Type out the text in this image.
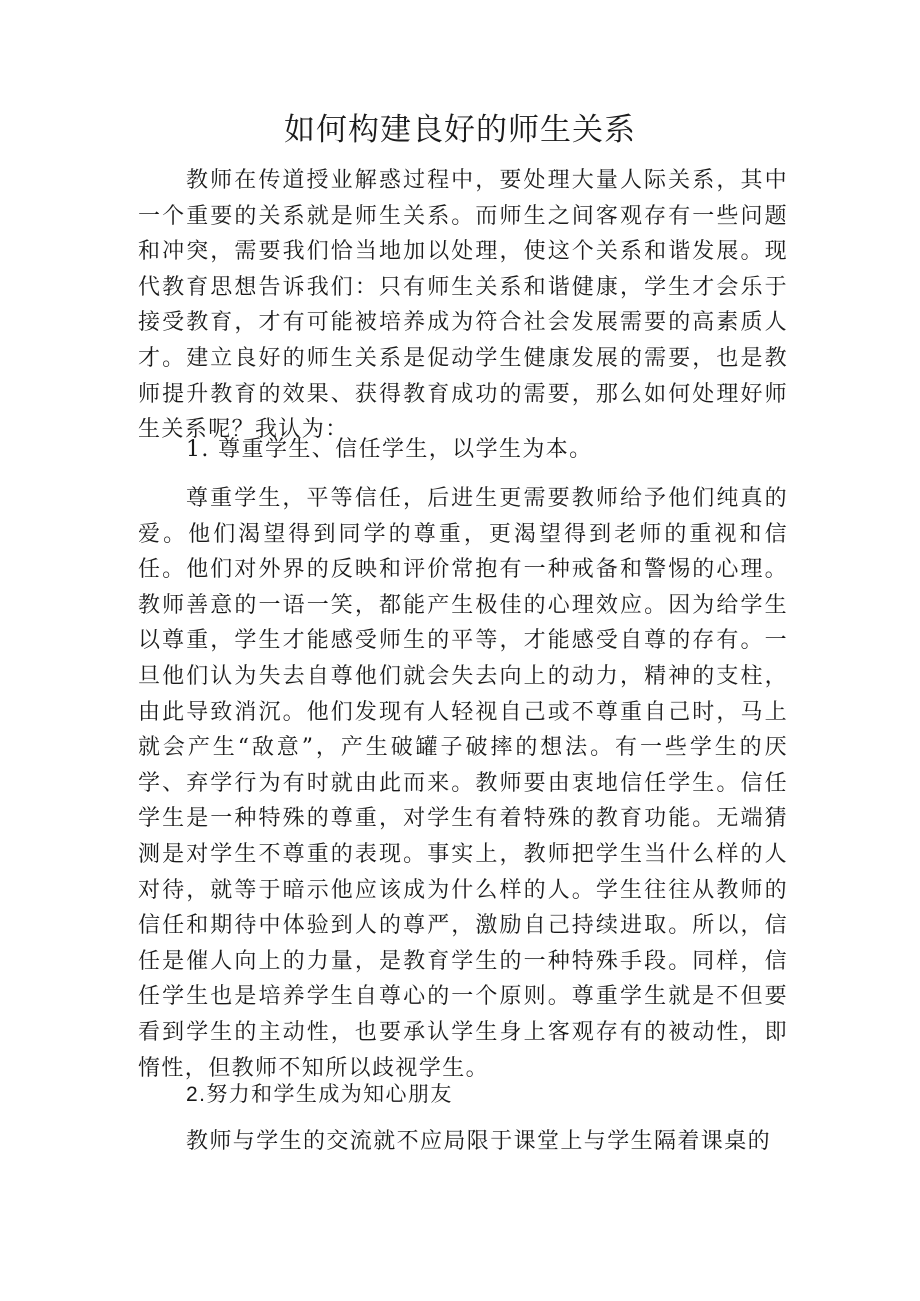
如何构建良好的师生关系

教师在传道授业解惑过程中，要处理大量人际关系，其中一个重要的关系就是师生关系。而师生之间客观存有一些问题和冲突，需要我们恰当地加以处理，使这个关系和谐发展。现代教育思想告诉我们：只有师生关系和谐健康，学生才会乐于接受教育，才有可能被培养成为符合社会发展需要的高素质人才。建立良好的师生关系是促动学生健康发展的需要，也是教师提升教育的效果、获得教育成功的需要，那么如何处理好师生关系呢？我认为：

1. 尊重学生、信任学生，以学生为本。

尊重学生，平等信任，后进生更需要教师给予他们纯真的爱。他们渴望得到同学的尊重，更渴望得到老师的重视和信任。他们对外界的反映和评价常抱有一种戒备和警惕的心理。教师善意的一语一笑，都能产生极佳的心理效应。因为给学生以尊重，学生才能感受师生的平等，才能感受自尊的存有。一旦他们认为失去自尊他们就会失去向上的动力，精神的支柱，由此导致消沉。他们发现有人轻视自己或不尊重自己时，马上就会产生“敌意”，产生破罐子破摔的想法。有一些学生的厌学、弃学行为有时就由此而来。教师要由衷地信任学生。信任学生是一种特殊的尊重，对学生有着特殊的教育功能。无端猜测是对学生不尊重的表现。事实上，教师把学生当什么样的人对待，就等于暗示他应该成为什么样的人。学生往往从教师的信任和期待中体验到人的尊严，激励自己持续进取。所以，信任是催人向上的力量，是教育学生的一种特殊手段。同样，信任学生也是培养学生自尊心的一个原则。尊重学生就是不但要看到学生的主动性，也要承认学生身上客观存有的被动性，即惰性，但教师不知所以歧视学生。

2.努力和学生成为知心朋友

教师与学生的交流就不应局限于课堂上与学生隔着课桌的
